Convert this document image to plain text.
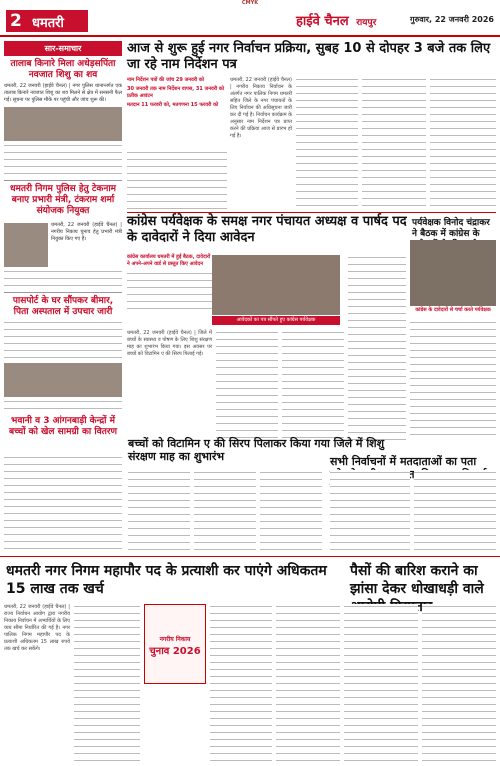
CMYK
2 धमतरी	हाईवे चैनल रायपुर	गुरुवार, 22 जनवरी 2026
सार-समाचार
तालाब किनारे मिला अधेड़सपिंता नवजात शिशु का शव
धमतरी, 22 जनवरी (हाईवे चैनल) | नगर पुलिस थानान्तर्गत एक तालाब किनारे नवजात शिशु का शव मिलने से क्षेत्र में सनसनी फैल गई। सूचना पर पुलिस मौके पर पहुंची और जांच शुरू की।
धमतरी निगम पुलिस हेतु टेकनाम बनाए प्रभारी मंत्री, टंकराम शर्मा संयोजक नियुक्त
धमतरी, 22 जनवरी (हाईवे चैनल) | नगरीय निकाय चुनाव हेतु प्रभारी मंत्री नियुक्त किए गए हैं।
पासपोर्ट के घर सौंपकर बीमार, पिता अस्पताल में उपचार जारी
भवानी व 3 आंगनबाड़ी केन्द्रों में बच्चों को खेल सामग्री का वितरण
आज से शुरू हुई नगर निर्वाचन प्रक्रिया, सुबह 10 से दोपहर 3 बजे तक लिए जा रहे नाम निर्देशन पत्र
नाम निर्देशन पत्रों की जांच 29 जनवरी को
30 जनवरी तक नाम निर्देशन वापस, 31 जनवरी को प्रतीक आवंटन
मतदान 11 फरवरी को, मतगणना 15 फरवरी को
धमतरी, 22 जनवरी (हाईवे चैनल) | नगरीय निकाय निर्वाचन के अंतर्गत नगर पालिक निगम धमतरी सहित जिले के नगर पंचायतों के लिए निर्वाचन की अधिसूचना जारी कर दी गई है। निर्वाचन कार्यक्रम के अनुसार नाम निर्देशन पत्र प्राप्त करने की प्रक्रिया आज से प्रारंभ हो गई है।
कांग्रेस पर्यवेक्षक के समक्ष नगर पंचायत अध्यक्ष व पार्षद पद के दावेदारों ने दिया आवेदन
पर्यवेक्षक विनोद चंद्राकर ने बैठक में कांग्रेस के
कांग्रेस कार्यालय धमतरी में हुई बैठक, दावेदारों ने अपने-अपने वार्ड से प्रस्तुत किए आवेदन
आवेदकों का पत्र सौंपते हुए कांग्रेस पर्यवेक्षक
कांग्रेस के दावेदारों से चर्चा करते पर्यवेक्षक
धमतरी, 22 जनवरी (हाईवे चैनल) | जिले में बच्चों के स्वास्थ्य व पोषण के लिए शिशु संरक्षण माह का शुभारंभ किया गया। इस अवसर पर बच्चों को विटामिन ए की सिरप पिलाई गई।
बच्चों को विटामिन ए की सिरप पिलाकर किया गया जिले में शिशु संरक्षण माह का शुभारंभ	सभी निर्वाचनों में मतदाताओं का पता
धमतरी नगर निगम महापौर पद के प्रत्याशी कर पाएंगे अधिकतम 15 लाख तक खर्च
पैसों की बारिश कराने का झांसा देकर धोखाधड़ी वाले
धमतरी, 22 जनवरी (हाईवे चैनल) | राज्य निर्वाचन आयोग द्वारा नगरीय निकाय निर्वाचन में अभ्यर्थियों के लिए व्यय सीमा निर्धारित की गई है। नगर पालिक निगम महापौर पद के प्रत्याशी अधिकतम 15 लाख रुपये तक खर्च कर सकेंगे।
नगरीय निकाय
चुनाव 2026
